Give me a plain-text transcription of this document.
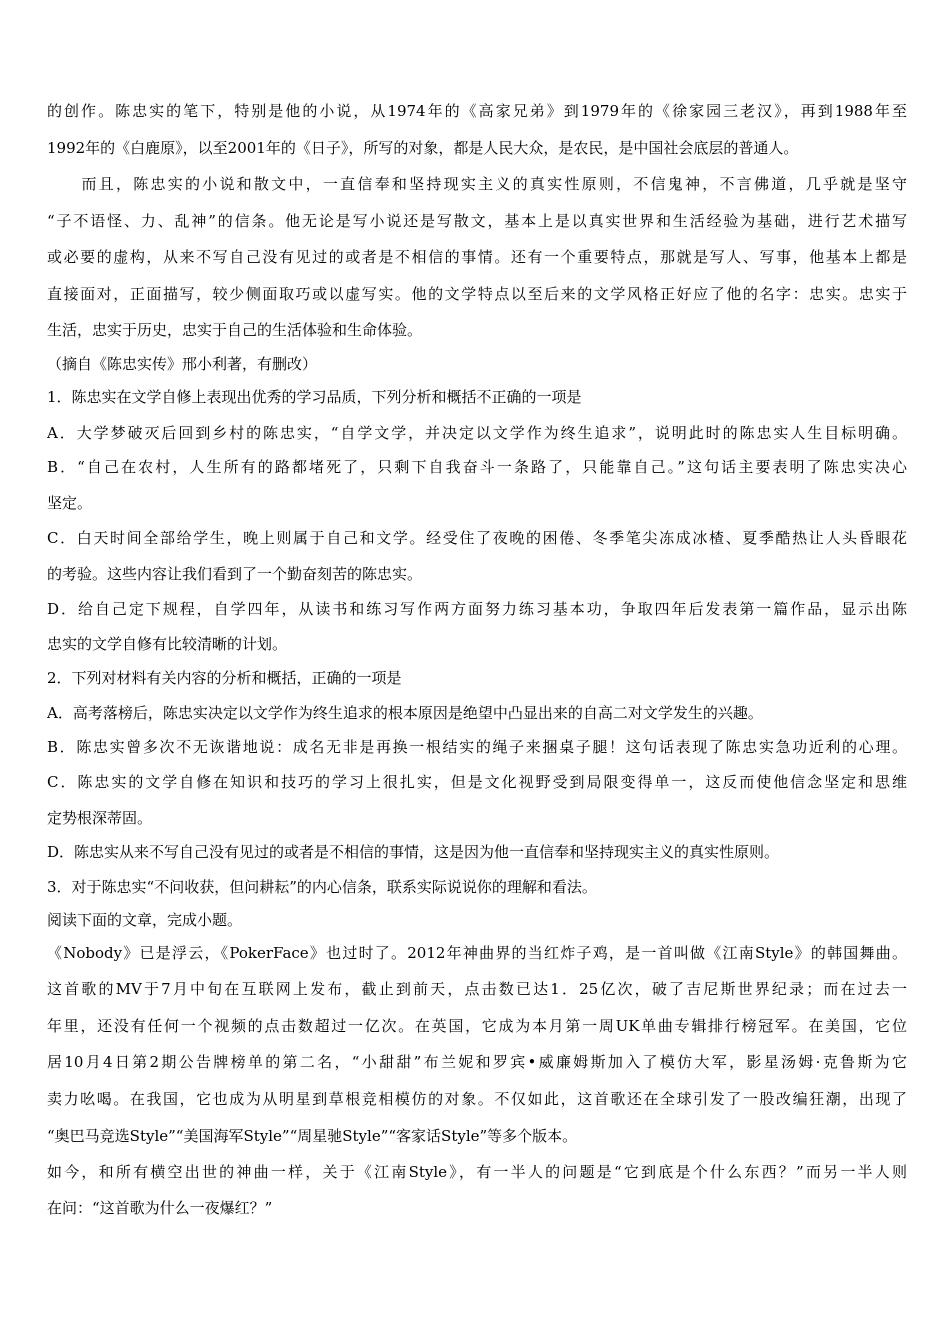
的创作。陈忠实的笔下，特别是他的小说，从1974年的《高家兄弟》到1979年的《徐家园三老汉》，再到1988年至
1992年的《白鹿原》，以至2001年的《日子》，所写的对象，都是人民大众，是农民，是中国社会底层的普通人。
　　而且，陈忠实的小说和散文中，一直信奉和坚持现实主义的真实性原则，不信鬼神，不言佛道，几乎就是坚守
“子不语怪、力、乱神”的信条。他无论是写小说还是写散文，基本上是以真实世界和生活经验为基础，进行艺术描写
或必要的虚构，从来不写自己没有见过的或者是不相信的事情。还有一个重要特点，那就是写人、写事，他基本上都是
直接面对，正面描写，较少侧面取巧或以虚写实。他的文学特点以至后来的文学风格正好应了他的名字：忠实。忠实于
生活，忠实于历史，忠实于自己的生活体验和生命体验。
（摘自《陈忠实传》邢小利著，有删改）
1．陈忠实在文学自修上表现出优秀的学习品质，下列分析和概括不正确的一项是
A．大学梦破灭后回到乡村的陈忠实，“自学文学，并决定以文学作为终生追求”，说明此时的陈忠实人生目标明确。
B．“自己在农村，人生所有的路都堵死了，只剩下自我奋斗一条路了，只能靠自己。”这句话主要表明了陈忠实决心
坚定。
C．白天时间全部给学生，晚上则属于自己和文学。经受住了夜晚的困倦、冬季笔尖冻成冰楂、夏季酷热让人头昏眼花
的考验。这些内容让我们看到了一个勤奋刻苦的陈忠实。
D．给自己定下规程，自学四年，从读书和练习写作两方面努力练习基本功，争取四年后发表第一篇作品，显示出陈
忠实的文学自修有比较清晰的计划。
2．下列对材料有关内容的分析和概括，正确的一项是
A．高考落榜后，陈忠实决定以文学作为终生追求的根本原因是绝望中凸显出来的自高二对文学发生的兴趣。
B．陈忠实曾多次不无诙谐地说：成名无非是再换一根结实的绳子来捆桌子腿！这句话表现了陈忠实急功近利的心理。
C．陈忠实的文学自修在知识和技巧的学习上很扎实，但是文化视野受到局限变得单一，这反而使他信念坚定和思维
定势根深蒂固。
D．陈忠实从来不写自己没有见过的或者是不相信的事情，这是因为他一直信奉和坚持现实主义的真实性原则。
3．对于陈忠实“不问收获，但问耕耘”的内心信条，联系实际说说你的理解和看法。
阅读下面的文章，完成小题。
《Nobody》已是浮云，《PokerFace》也过时了。2012年神曲界的当红炸子鸡，是一首叫做《江南Style》的韩国舞曲。
这首歌的MV于7月中旬在互联网上发布，截止到前天，点击数已达1．25亿次，破了吉尼斯世界纪录；而在过去一
年里，还没有任何一个视频的点击数超过一亿次。在英国，它成为本月第一周UK单曲专辑排行榜冠军。在美国，它位
居10月4日第2期公告牌榜单的第二名，“小甜甜”布兰妮和罗宾•威廉姆斯加入了模仿大军，影星汤姆·克鲁斯为它
卖力吆喝。在我国，它也成为从明星到草根竞相模仿的对象。不仅如此，这首歌还在全球引发了一股改编狂潮，出现了
“奥巴马竞选Style”“美国海军Style”“周星驰Style”“客家话Style”等多个版本。
如今，和所有横空出世的神曲一样，关于《江南Style》，有一半人的问题是“它到底是个什么东西？”而另一半人则
在问：“这首歌为什么一夜爆红？”
